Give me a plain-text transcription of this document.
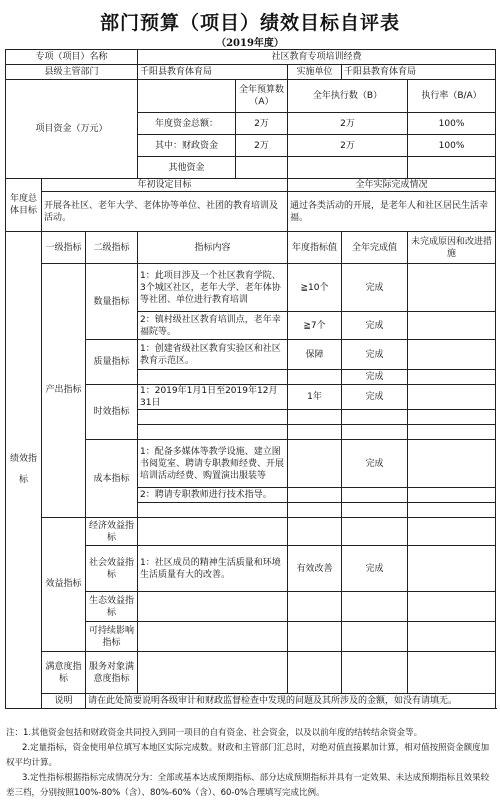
部门预算（项目）绩效目标自评表
（2019年度）
专项（项目）名称			社区教育专项培训经费				
县级主管部门			千阳县教育体育局		实施单位	千阳县教育体育局	
项目资金（万元）				全年预算数（A）	全年执行数（B）		执行率（B/A）
			年度资金总额：	2万	2万		100%
			其中：财政资金	2万	2万		100%
			其他资金				
年度总体目标	年初设定目标				全年实际完成情况		
	开展各社区、老年大学、老体协等单位、社团的教育培训及活动。				通过各类活动的开展，是老年人和社区居民生活幸福。		
绩效指标	一级指标	二级指标	指标内容		年度指标值	全年完成值	未完成原因和改进措施
	产出指标	数量指标	1：此项目涉及一个社区教育学院、3个城区社区，老年大学、老年体协等社团、单位进行教育培训		≧10个	完成	
			2：镇村级社区教育培训点，老年幸福院等。		≧7个	完成	
		质量指标	1：创建省级社区教育实验区和社区教育示范区。		保障	完成	
						完成	
		时效指标	1：2019年1月1日至2019年12月31日		1年	完成	

		成本指标	1：配备多媒体等教学设施、建立图书阅览室、聘请专职教师经费、开展培训活动经费、购置演出服装等			完成	
			2：聘请专职教师进行技术指导。				

	效益指标	经济效益指标					
		社会效益指标	1：社区成员的精神生活质量和环境生活质量有大的改善。		有效改善	完成	
		生态效益指标					
		可持续影响指标					
	满意度指标	服务对象满意度指标					
	说明	请在此处简要说明各级审计和财政监督检查中发现的问题及其所涉及的金额，如没有请填无。					

注：1.其他资金包括和财政资金共同投入到同一项目的自有资金、社会资金，以及以前年度的结转结余资金等。

2.定量指标，资金使用单位填写本地区实际完成数。财政和主管部门汇总时，对绝对值直接累加计算，相对值按照资金额度加权平均计算。

3.定性指标根据指标完成情况分为：全部或基本达成预期指标、部分达成预期指标并具有一定效果、未达成预期指标且效果较差三档，分别按照100%-80%（含）、80%-60%（含）、60-0%合理填写完成比例。
